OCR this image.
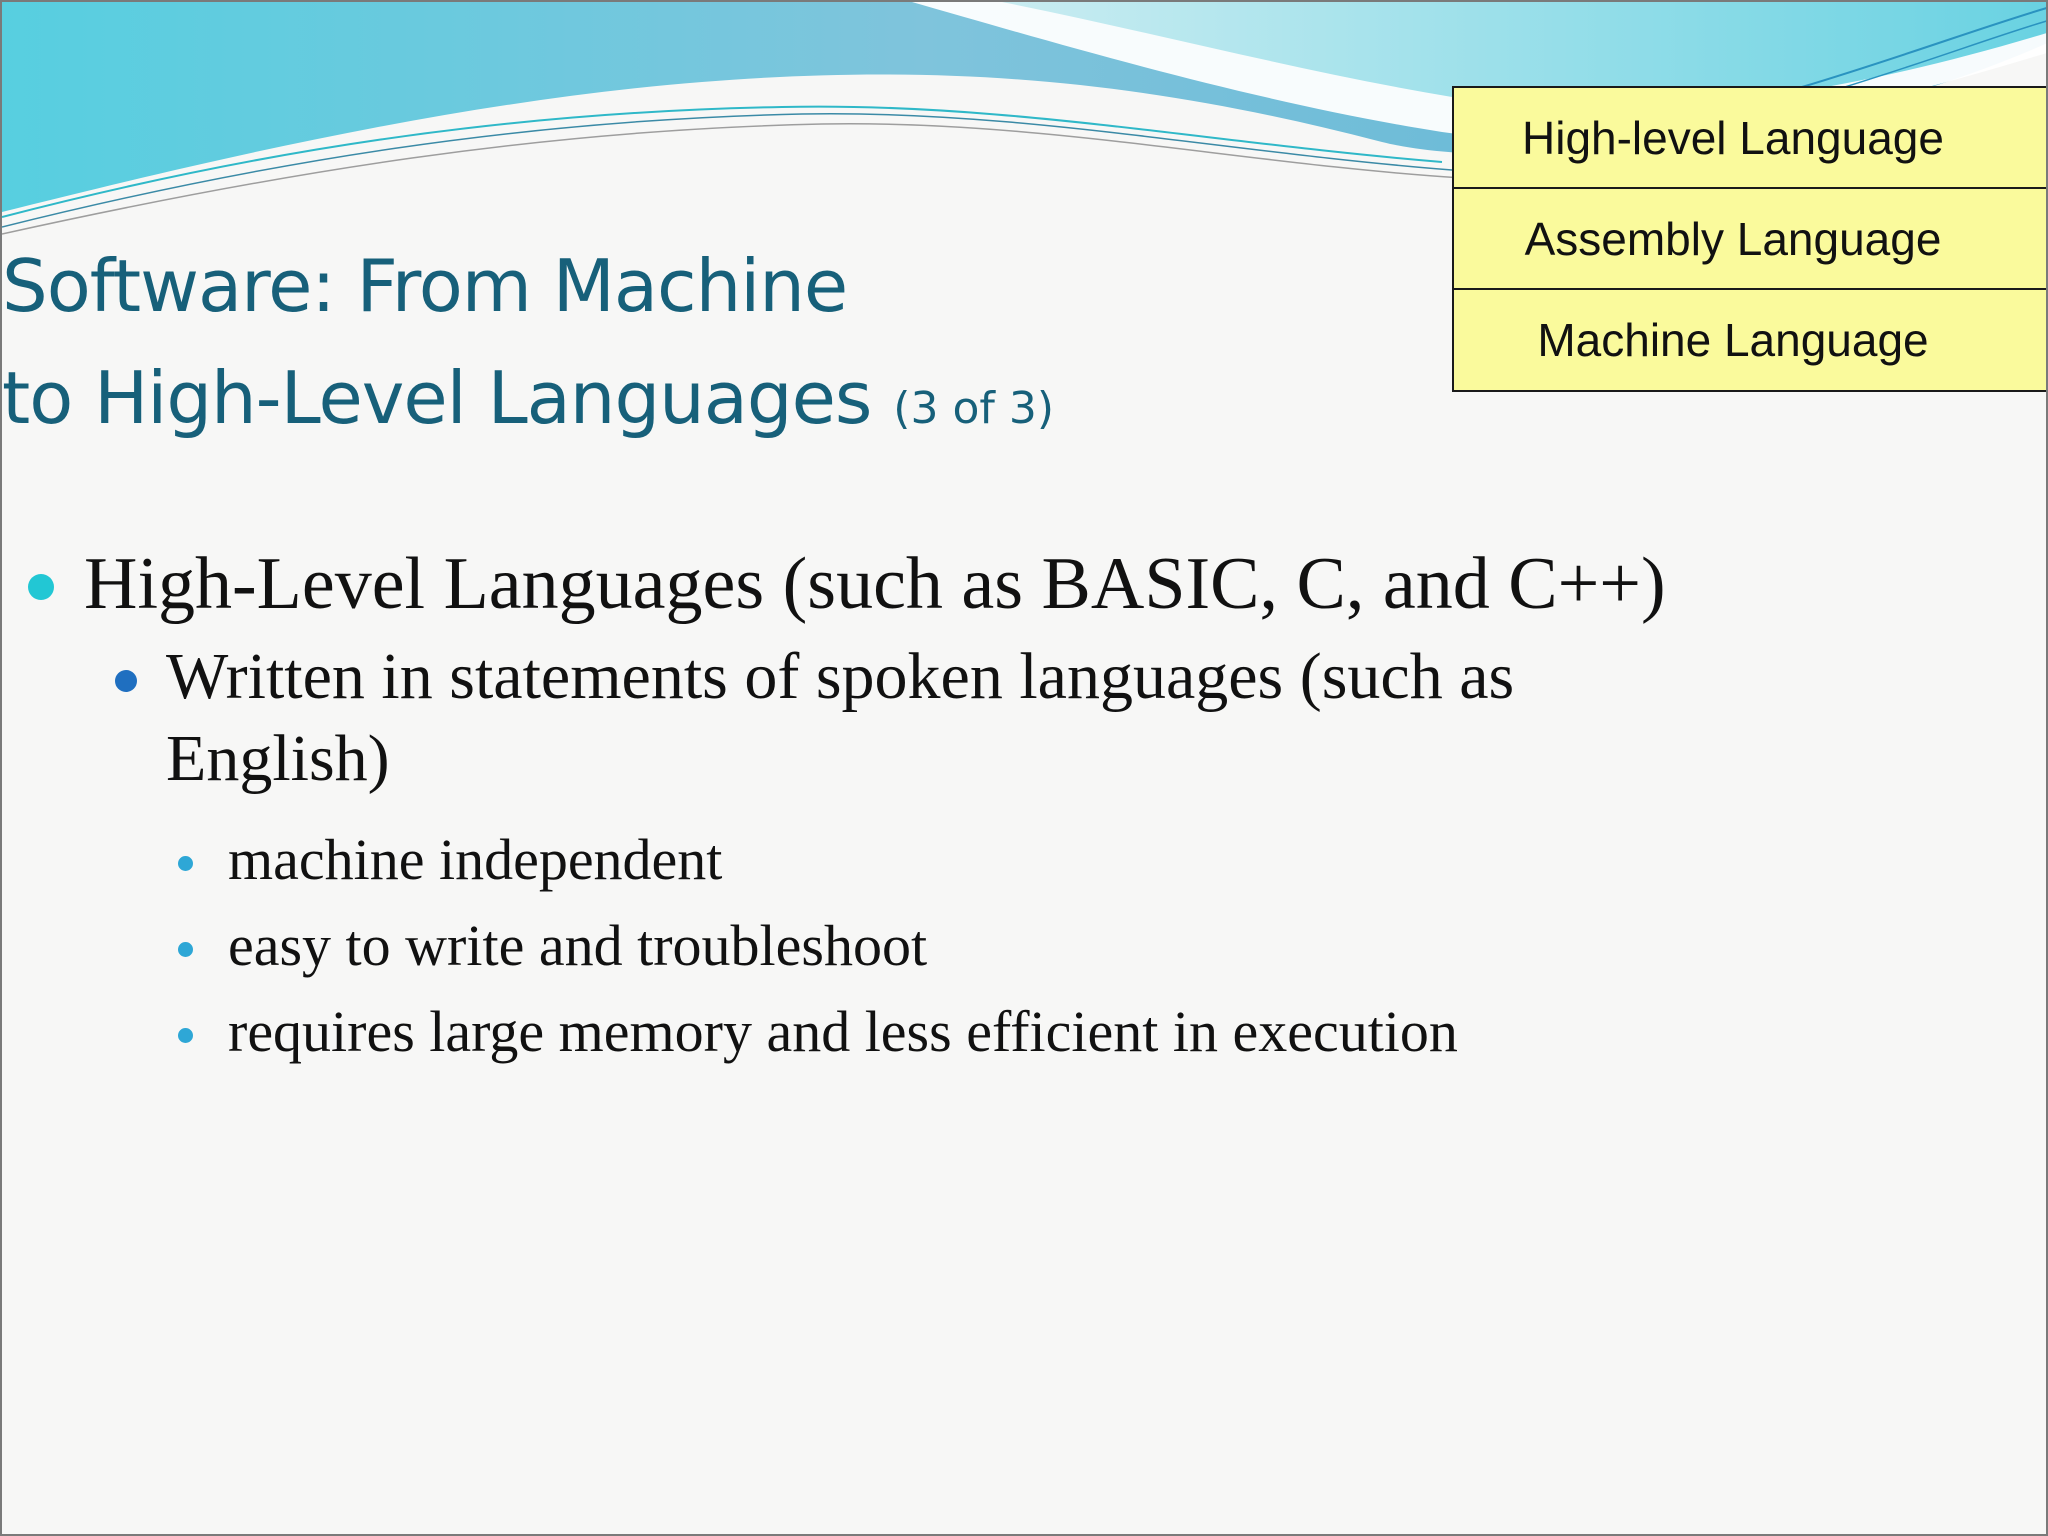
Software: From Machine
to High-Level Languages (3 of 3)
High-level Language
Assembly Language
Machine Language
High-Level Languages (such as BASIC, C, and C++)
Written in statements of spoken languages (such as
English)
machine independent
easy to write and troubleshoot
requires large memory and less efficient in execution
